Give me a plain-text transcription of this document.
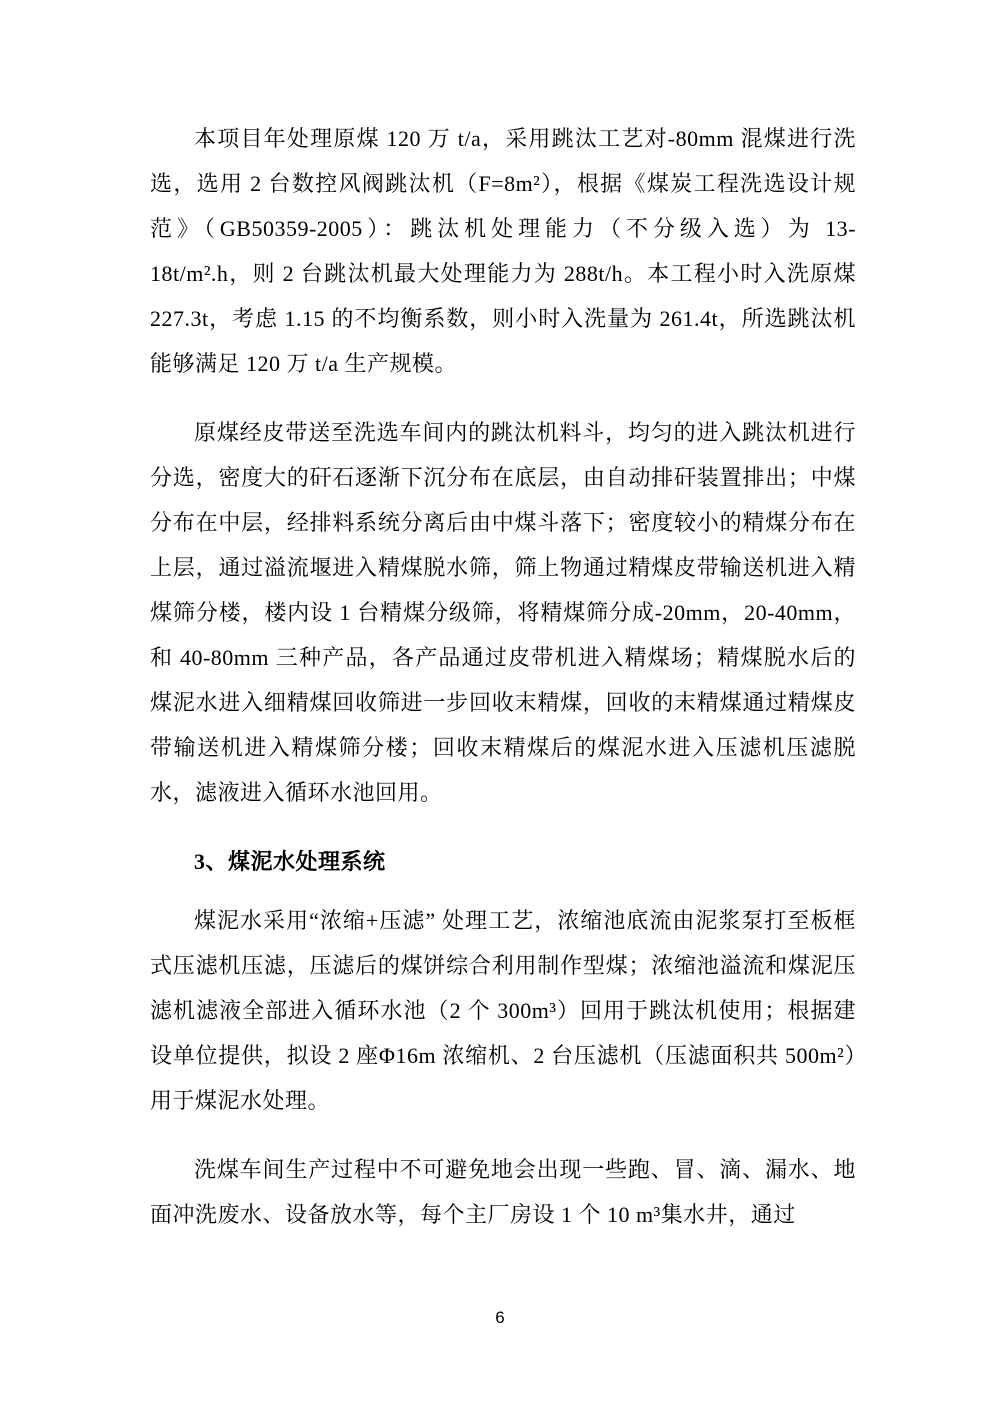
本项目年处理原煤 120 万 t/a，采用跳汰工艺对-80mm 混煤进行洗选，选用 2 台数控风阀跳汰机（F=8m²），根据《煤炭工程洗选设计规范》（GB50359-2005）：跳汰机处理能力（不分级入选）为 13-18t/m².h，则 2 台跳汰机最大处理能力为 288t/h。本工程小时入洗原煤 227.3t，考虑 1.15 的不均衡系数，则小时入洗量为 261.4t，所选跳汰机能够满足 120 万 t/a 生产规模。

原煤经皮带送至洗选车间内的跳汰机料斗，均匀的进入跳汰机进行分选，密度大的矸石逐渐下沉分布在底层，由自动排矸装置排出；中煤分布在中层，经排料系统分离后由中煤斗落下；密度较小的精煤分布在上层，通过溢流堰进入精煤脱水筛，筛上物通过精煤皮带输送机进入精煤筛分楼，楼内设 1 台精煤分级筛，将精煤筛分成-20mm，20-40mm，和 40-80mm 三种产品，各产品通过皮带机进入精煤场；精煤脱水后的煤泥水进入细精煤回收筛进一步回收末精煤，回收的末精煤通过精煤皮带输送机进入精煤筛分楼；回收末精煤后的煤泥水进入压滤机压滤脱水，滤液进入循环水池回用。

3、煤泥水处理系统

煤泥水采用“浓缩+压滤” 处理工艺，浓缩池底流由泥浆泵打至板框式压滤机压滤，压滤后的煤饼综合利用制作型煤；浓缩池溢流和煤泥压滤机滤液全部进入循环水池（2 个 300m³）回用于跳汰机使用；根据建设单位提供，拟设 2 座Φ16m 浓缩机、2 台压滤机（压滤面积共 500m²）用于煤泥水处理。

洗煤车间生产过程中不可避免地会出现一些跑、冒、滴、漏水、地面冲洗废水、设备放水等，每个主厂房设 1 个 10 m³集水井，通过

6
